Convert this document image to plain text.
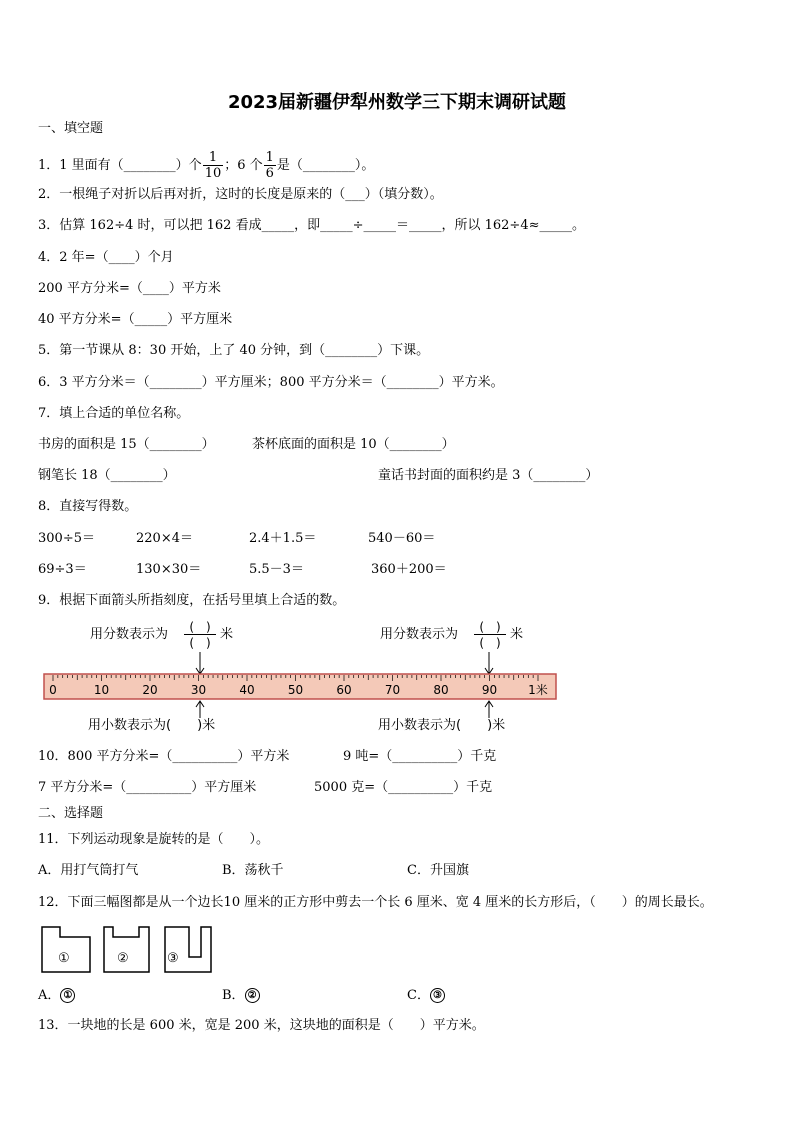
2023届新疆伊犁州数学三下期末调研试题
一、填空题
1．1 里面有（________）个 $\frac{1}{10}$ ；6 个 $\frac{1}{6}$ 是（________）。
2．一根绳子对折以后再对折，这时的长度是原来的（___）（填分数）。
3．估算 162÷4 时，可以把 162 看成_____，即_____÷_____＝_____，所以 162÷4≈_____。
4．2 年=（____）个月
200 平方分米=（____）平方米
40 平方分米=（_____）平方厘米
5．第一节课从 8：30 开始，上了 40 分钟，到（________）下课。
6．3 平方分米＝（________）平方厘米；800 平方分米＝（________）平方米。
7．填上合适的单位名称。
书房的面积是 15（________）	茶杯底面的面积是 10（________）
钢笔长 18（________）	童话书封面的面积约是 3（________）
8．直接写得数。
300÷5＝	220×4＝	2.4＋1.5＝	540－60＝
69÷3＝	130×30＝	5.5－3＝	360＋200＝
9．根据下面箭头所指刻度，在括号里填上合适的数。
用分数表示为	(　)
(　)
米	用分数表示为	(　)
(　)
米
0	10	20	30	40	50	60	70	80	90	1米
用小数表示为(　　)米	用小数表示为(　　)米
10．800 平方分米=（__________）平方米	9 吨=（__________）千克
7 平方分米=（__________）平方厘米	5000 克=（__________）千克
二、选择题
11．下列运动现象是旋转的是（　　）。
A．用打气筒打气	B．荡秋千	C．升国旗
12．下面三幅图都是从一个边长10 厘米的正方形中剪去一个长 6 厘米、宽 4 厘米的长方形后，（　　）的周长最长。
①	②	③
A． ①	B． ②	C． ③
13．一块地的长是 600 米，宽是 200 米，这块地的面积是（　　）平方米。
